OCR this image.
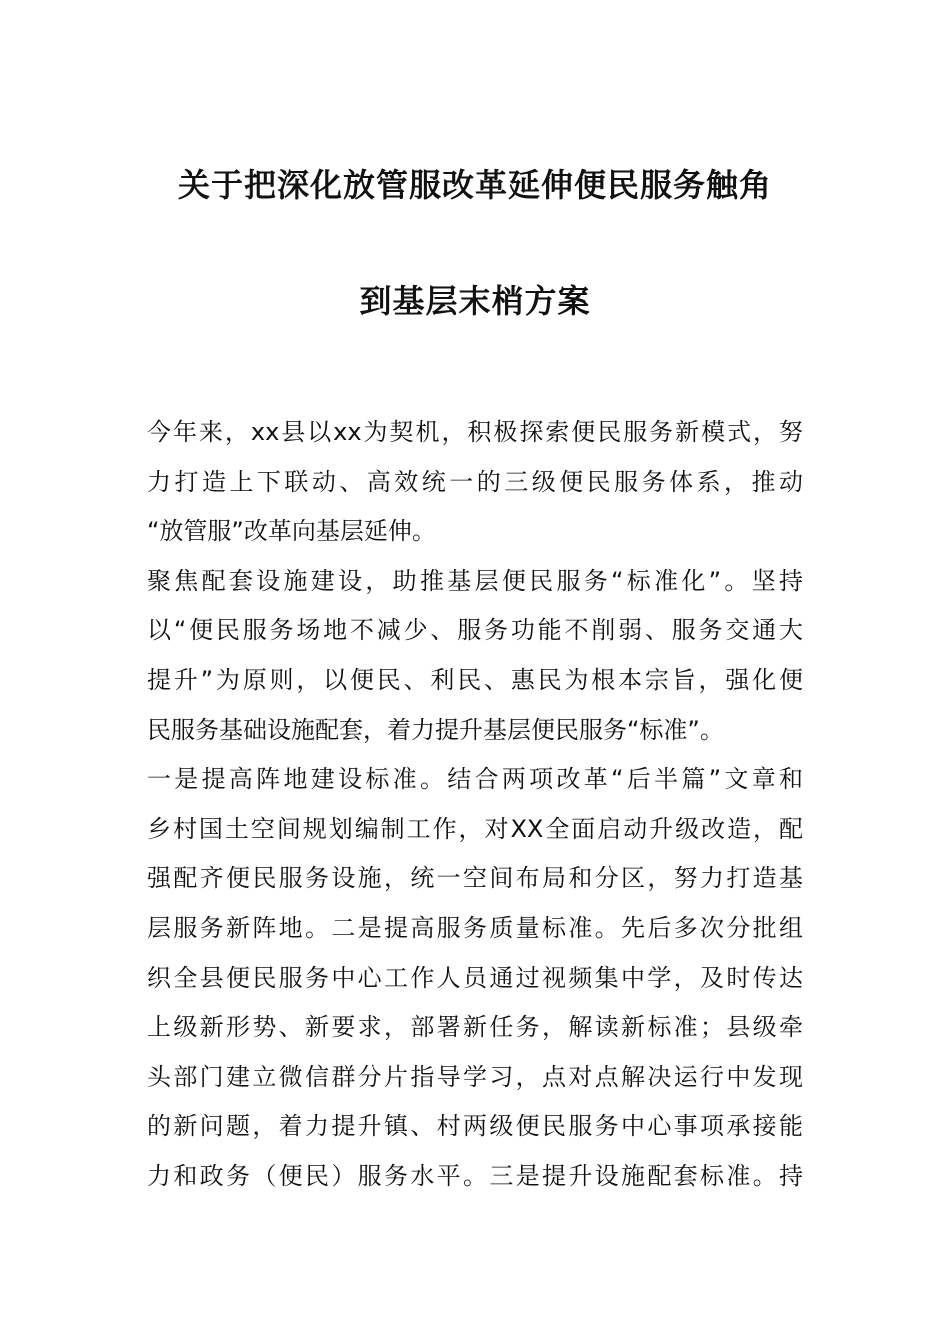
关于把深化放管服改革延伸便民服务触角
到基层末梢方案
今年来，xx县以xx为契机，积极探索便民服务新模式，努
力打造上下联动、高效统一的三级便民服务体系，推动
“放管服”改革向基层延伸。
聚焦配套设施建设，助推基层便民服务“标准化”。坚持
以“便民服务场地不减少、服务功能不削弱、服务交通大
提升”为原则，以便民、利民、惠民为根本宗旨，强化便
民服务基础设施配套，着力提升基层便民服务“标准”。
一是提高阵地建设标准。结合两项改革“后半篇”文章和
乡村国土空间规划编制工作，对XX全面启动升级改造，配
强配齐便民服务设施，统一空间布局和分区，努力打造基
层服务新阵地。二是提高服务质量标准。先后多次分批组
织全县便民服务中心工作人员通过视频集中学，及时传达
上级新形势、新要求，部署新任务，解读新标准；县级牵
头部门建立微信群分片指导学习，点对点解决运行中发现
的新问题，着力提升镇、村两级便民服务中心事项承接能
力和政务（便民）服务水平。三是提升设施配套标准。持
